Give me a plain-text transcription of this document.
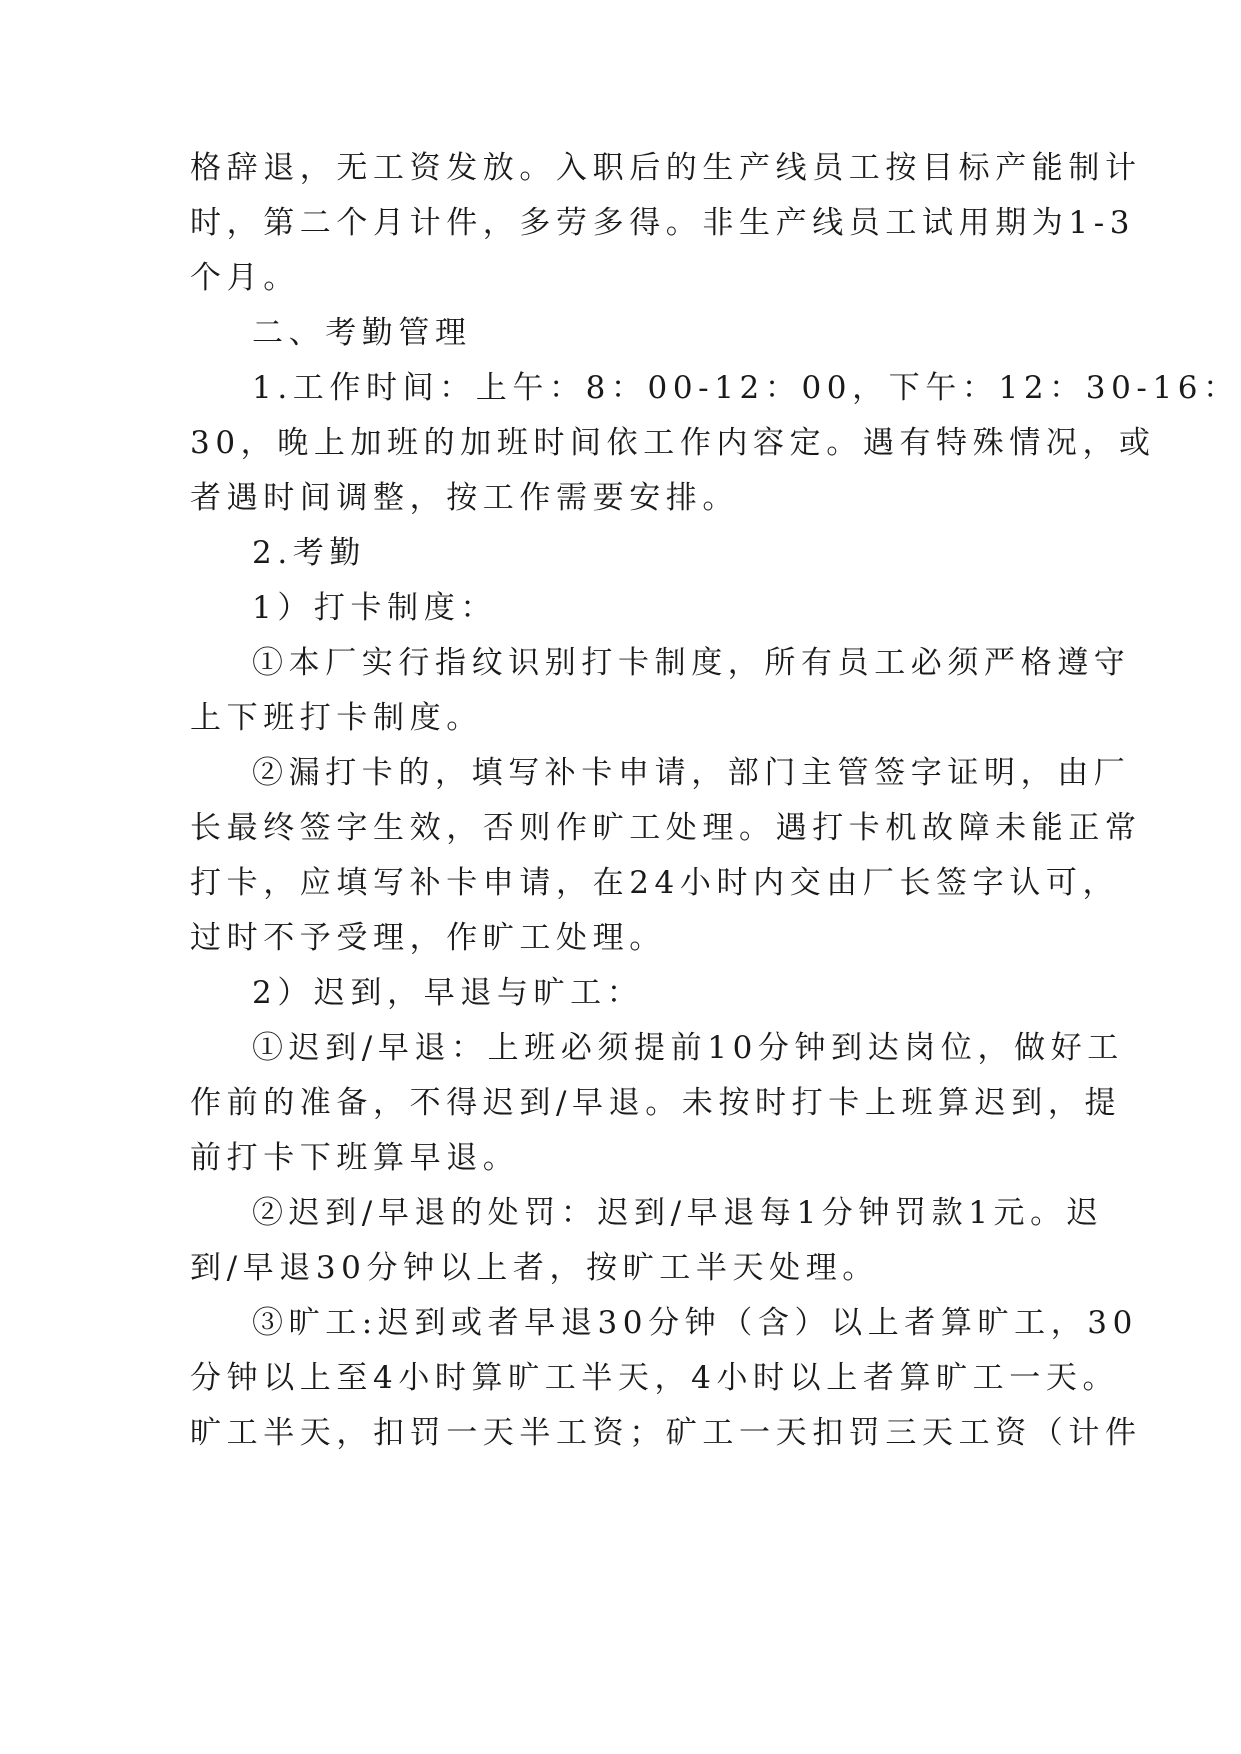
格辞退，无工资发放。入职后的生产线员工按目标产能制计
时，第二个月计件，多劳多得。非生产线员工试用期为1-3
个月。
二、考勤管理
1.工作时间：上午：8：00-12：00，下午：12：30-16：
30，晚上加班的加班时间依工作内容定。遇有特殊情况，或
者遇时间调整，按工作需要安排。
2.考勤
1）打卡制度：
①本厂实行指纹识别打卡制度，所有员工必须严格遵守
上下班打卡制度。
②漏打卡的，填写补卡申请，部门主管签字证明，由厂
长最终签字生效，否则作旷工处理。遇打卡机故障未能正常
打卡，应填写补卡申请，在24小时内交由厂长签字认可，
过时不予受理，作旷工处理。
2）迟到，早退与旷工：
①迟到/早退：上班必须提前10分钟到达岗位，做好工
作前的准备，不得迟到/早退。未按时打卡上班算迟到，提
前打卡下班算早退。
②迟到/早退的处罚：迟到/早退每1分钟罚款1元。迟
到/早退30分钟以上者，按旷工半天处理。
③旷工:迟到或者早退30分钟（含）以上者算旷工，30
分钟以上至4小时算旷工半天，4小时以上者算旷工一天。
旷工半天，扣罚一天半工资；矿工一天扣罚三天工资（计件
